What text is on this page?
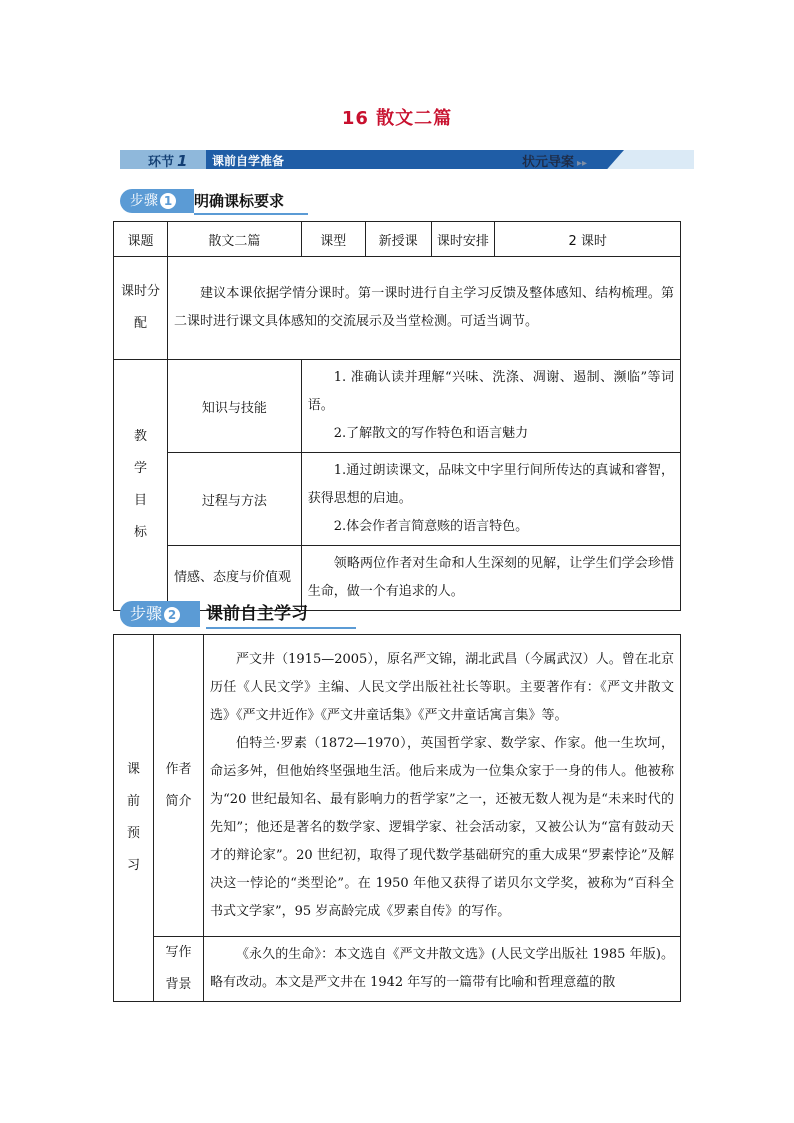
16 散文二篇
环节 1 课前自学准备	状元导案 ▸▸
步骤 1	明确课标要求
课题	散文二篇	课型	新授课	课时安排	2 课时
课时分配	建议本课依据学情分课时。第一课时进行自主学习反馈及整体感知、结构梳理。第二课时进行课文具体感知的交流展示及当堂检测。可适当调节。				
教学目标	知识与技能	1. 准确认读并理解“兴味、洗涤、凋谢、遏制、濒临”等词语。
2.了解散文的写作特色和语言魅力			

	过程与方法	1.通过朗读课文，品味文中字里行间所传达的真诚和睿智，获得思想的启迪。
2.体会作者言简意赅的语言特色。			

	情感、态度与价值观	领略两位作者对生命和人生深刻的见解，让学生们学会珍惜生命，做一个有追求的人。			
步骤 2	课前自主学习
课前预习	作者简介	严文井（1915—2005），原名严文锦，湖北武昌（今属武汉）人。曾在北京历任《人民文学》主编、人民文学出版社社长等职。主要著作有：《严文井散文选》《严文井近作》《严文井童话集》《严文井童话寓言集》等。
伯特兰·罗素（1872—1970），英国哲学家、数学家、作家。他一生坎坷，命运多舛，但他始终坚强地生活。他后来成为一位集众家于一身的伟人。他被称为“20 世纪最知名、最有影响力的哲学家”之一，还被无数人视为是“未来时代的先知”；他还是著名的数学家、逻辑学家、社会活动家，又被公认为“富有鼓动天才的辩论家”。20 世纪初，取得了现代数学基础研究的重大成果“罗素悖论”及解决这一悖论的“类型论”。在 1950 年他又获得了诺贝尔文学奖，被称为“百科全书式文学家”，95 岁高龄完成《罗素自传》的写作。

	写作背景	《永久的生命》：本文选自《严文井散文选》(人民文学出版社 1985 年版)。略有改动。本文是严文井在 1942 年写的一篇带有比喻和哲理意蕴的散
